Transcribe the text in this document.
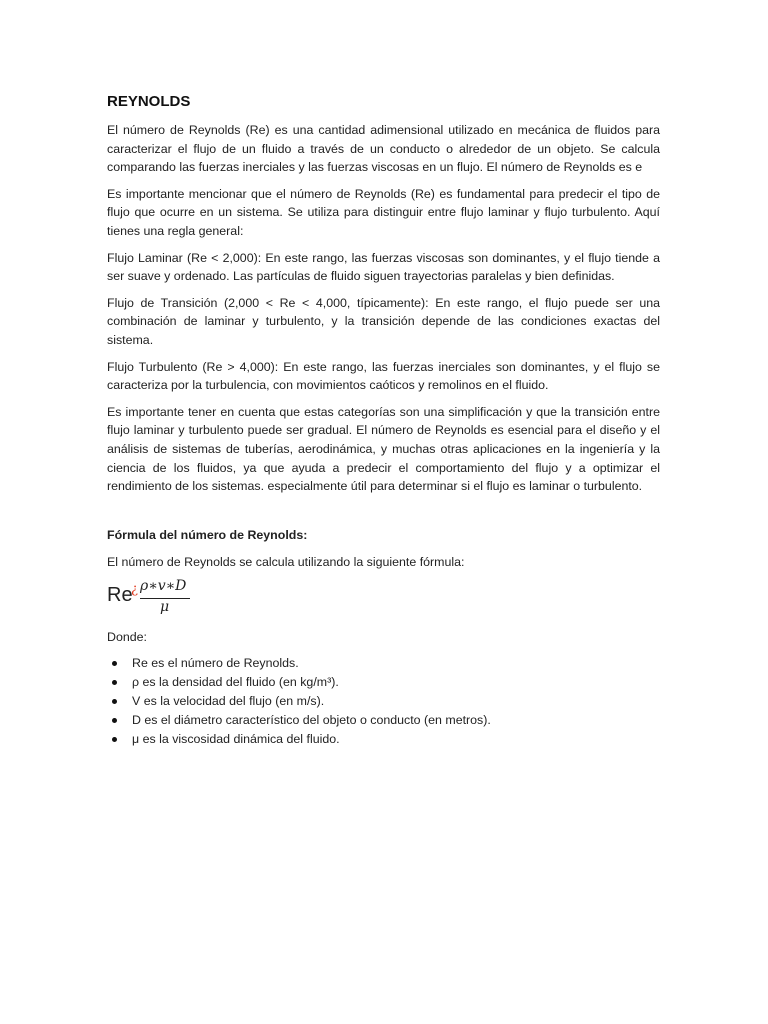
REYNOLDS

El número de Reynolds (Re) es una cantidad adimensional utilizado en mecánica de fluidos para caracterizar el flujo de un fluido a través de un conducto o alrededor de un objeto. Se calcula comparando las fuerzas inerciales y las fuerzas viscosas en un flujo. El número de Reynolds es e

Es importante mencionar que el número de Reynolds (Re) es fundamental para predecir el tipo de flujo que ocurre en un sistema. Se utiliza para distinguir entre flujo laminar y flujo turbulento. Aquí tienes una regla general:

Flujo Laminar (Re < 2,000): En este rango, las fuerzas viscosas son dominantes, y el flujo tiende a ser suave y ordenado. Las partículas de fluido siguen trayectorias paralelas y bien definidas.

Flujo de Transición (2,000 < Re < 4,000, típicamente): En este rango, el flujo puede ser una combinación de laminar y turbulento, y la transición depende de las condiciones exactas del sistema.

Flujo Turbulento (Re > 4,000): En este rango, las fuerzas inerciales son dominantes, y el flujo se caracteriza por la turbulencia, con movimientos caóticos y remolinos en el fluido.

Es importante tener en cuenta que estas categorías son una simplificación y que la transición entre flujo laminar y turbulento puede ser gradual. El número de Reynolds es esencial para el diseño y el análisis de sistemas de tuberías, aerodinámica, y muchas otras aplicaciones en la ingeniería y la ciencia de los fluidos, ya que ayuda a predecir el comportamiento del flujo y a optimizar el rendimiento de los sistemas. especialmente útil para determinar si el flujo es laminar o turbulento.

Fórmula del número de Reynolds:

El número de Reynolds se calcula utilizando la siguiente fórmula:

Re
¿ ρ∗v∗D
μ

Donde:

Re es el número de Reynolds.
ρ es la densidad del fluido (en kg/m³).
V es la velocidad del flujo (en m/s).
D es el diámetro característico del objeto o conducto (en metros).
μ es la viscosidad dinámica del fluido.
